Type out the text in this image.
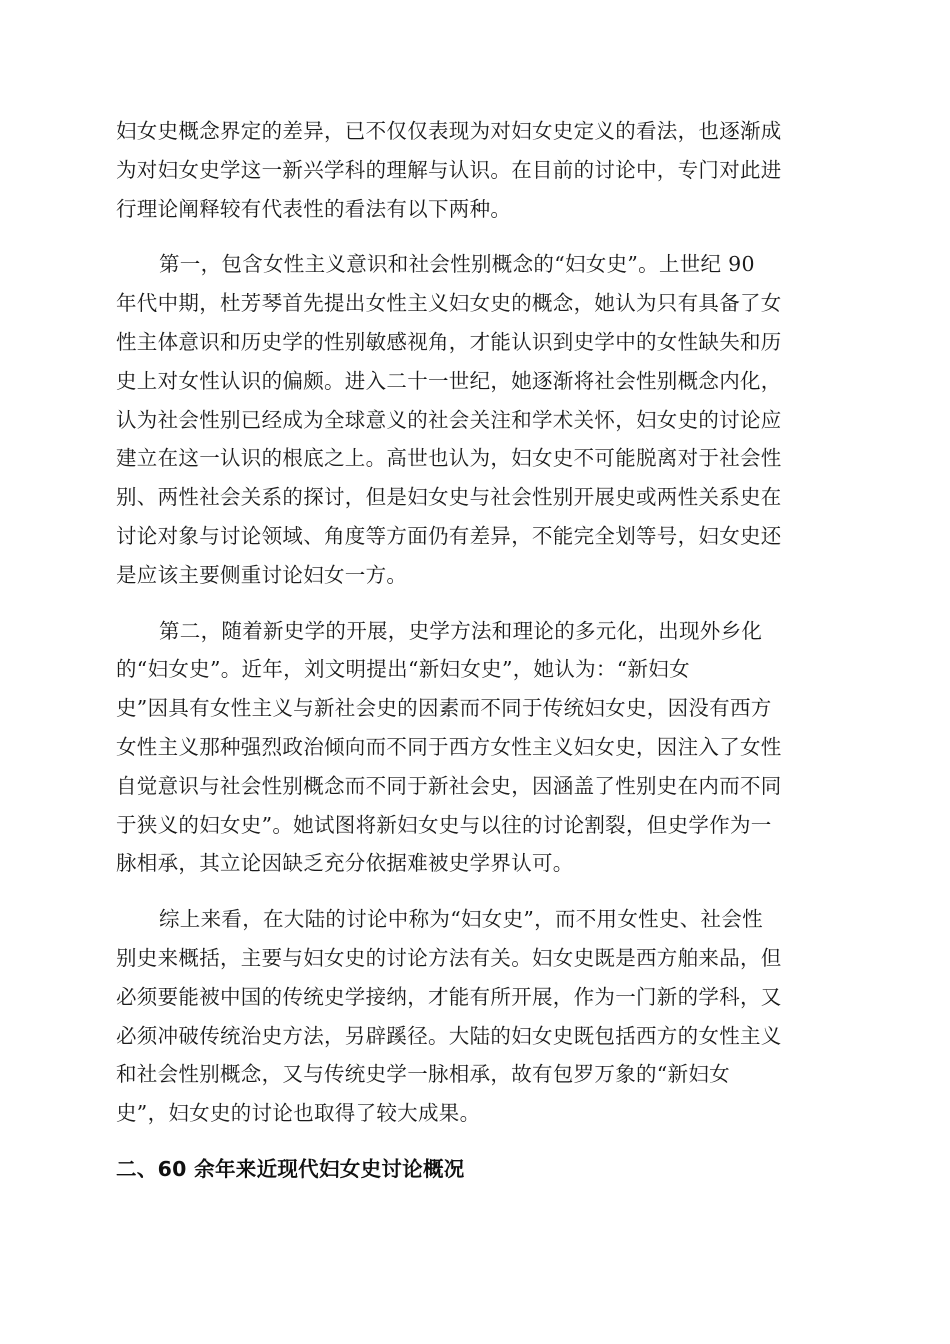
妇女史概念界定的差异，已不仅仅表现为对妇女史定义的看法，也逐渐成
为对妇女史学这一新兴学科的理解与认识。在目前的讨论中，专门对此进
行理论阐释较有代表性的看法有以下两种。
第一，包含女性主义意识和社会性别概念的“妇女史”。上世纪 90
年代中期，杜芳琴首先提出女性主义妇女史的概念，她认为只有具备了女
性主体意识和历史学的性别敏感视角，才能认识到史学中的女性缺失和历
史上对女性认识的偏颇。进入二十一世纪，她逐渐将社会性别概念内化，
认为社会性别已经成为全球意义的社会关注和学术关怀，妇女史的讨论应
建立在这一认识的根底之上。高世也认为，妇女史不可能脱离对于社会性
别、两性社会关系的探讨，但是妇女史与社会性别开展史或两性关系史在
讨论对象与讨论领域、角度等方面仍有差异，不能完全划等号，妇女史还
是应该主要侧重讨论妇女一方。
第二，随着新史学的开展，史学方法和理论的多元化，出现外乡化
的“妇女史”。近年，刘文明提出“新妇女史”，她认为：“新妇女
史”因具有女性主义与新社会史的因素而不同于传统妇女史，因没有西方
女性主义那种强烈政治倾向而不同于西方女性主义妇女史，因注入了女性
自觉意识与社会性别概念而不同于新社会史，因涵盖了性别史在内而不同
于狭义的妇女史”。她试图将新妇女史与以往的讨论割裂，但史学作为一
脉相承，其立论因缺乏充分依据难被史学界认可。
综上来看，在大陆的讨论中称为“妇女史”，而不用女性史、社会性
别史来概括，主要与妇女史的讨论方法有关。妇女史既是西方舶来品，但
必须要能被中国的传统史学接纳，才能有所开展，作为一门新的学科，又
必须冲破传统治史方法，另辟蹊径。大陆的妇女史既包括西方的女性主义
和社会性别概念，又与传统史学一脉相承，故有包罗万象的“新妇女
史”，妇女史的讨论也取得了较大成果。
二、60 余年来近现代妇女史讨论概况
